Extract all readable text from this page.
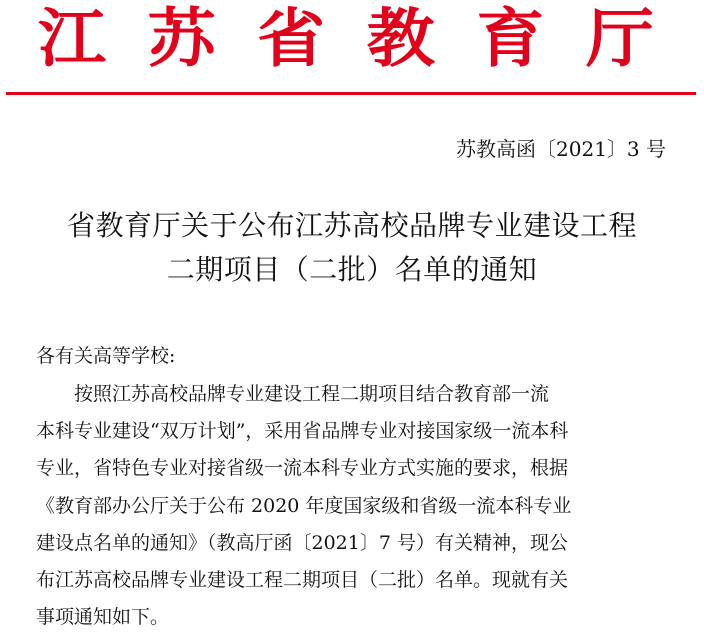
江 苏 省 教 育 厅
苏教高函〔2021〕3 号
省教育厅关于公布江苏高校品牌专业建设工程
二期项目（二批）名单的通知
各有关高等学校:
　　按照江苏高校品牌专业建设工程二期项目结合教育部一流
本科专业建设“双万计划”，采用省品牌专业对接国家级一流本科
专业，省特色专业对接省级一流本科专业方式实施的要求，根据
《教育部办公厅关于公布 2020 年度国家级和省级一流本科专业
建设点名单的通知》（教高厅函〔2021〕7 号）有关精神，现公
布江苏高校品牌专业建设工程二期项目（二批）名单。现就有关
事项通知如下。
